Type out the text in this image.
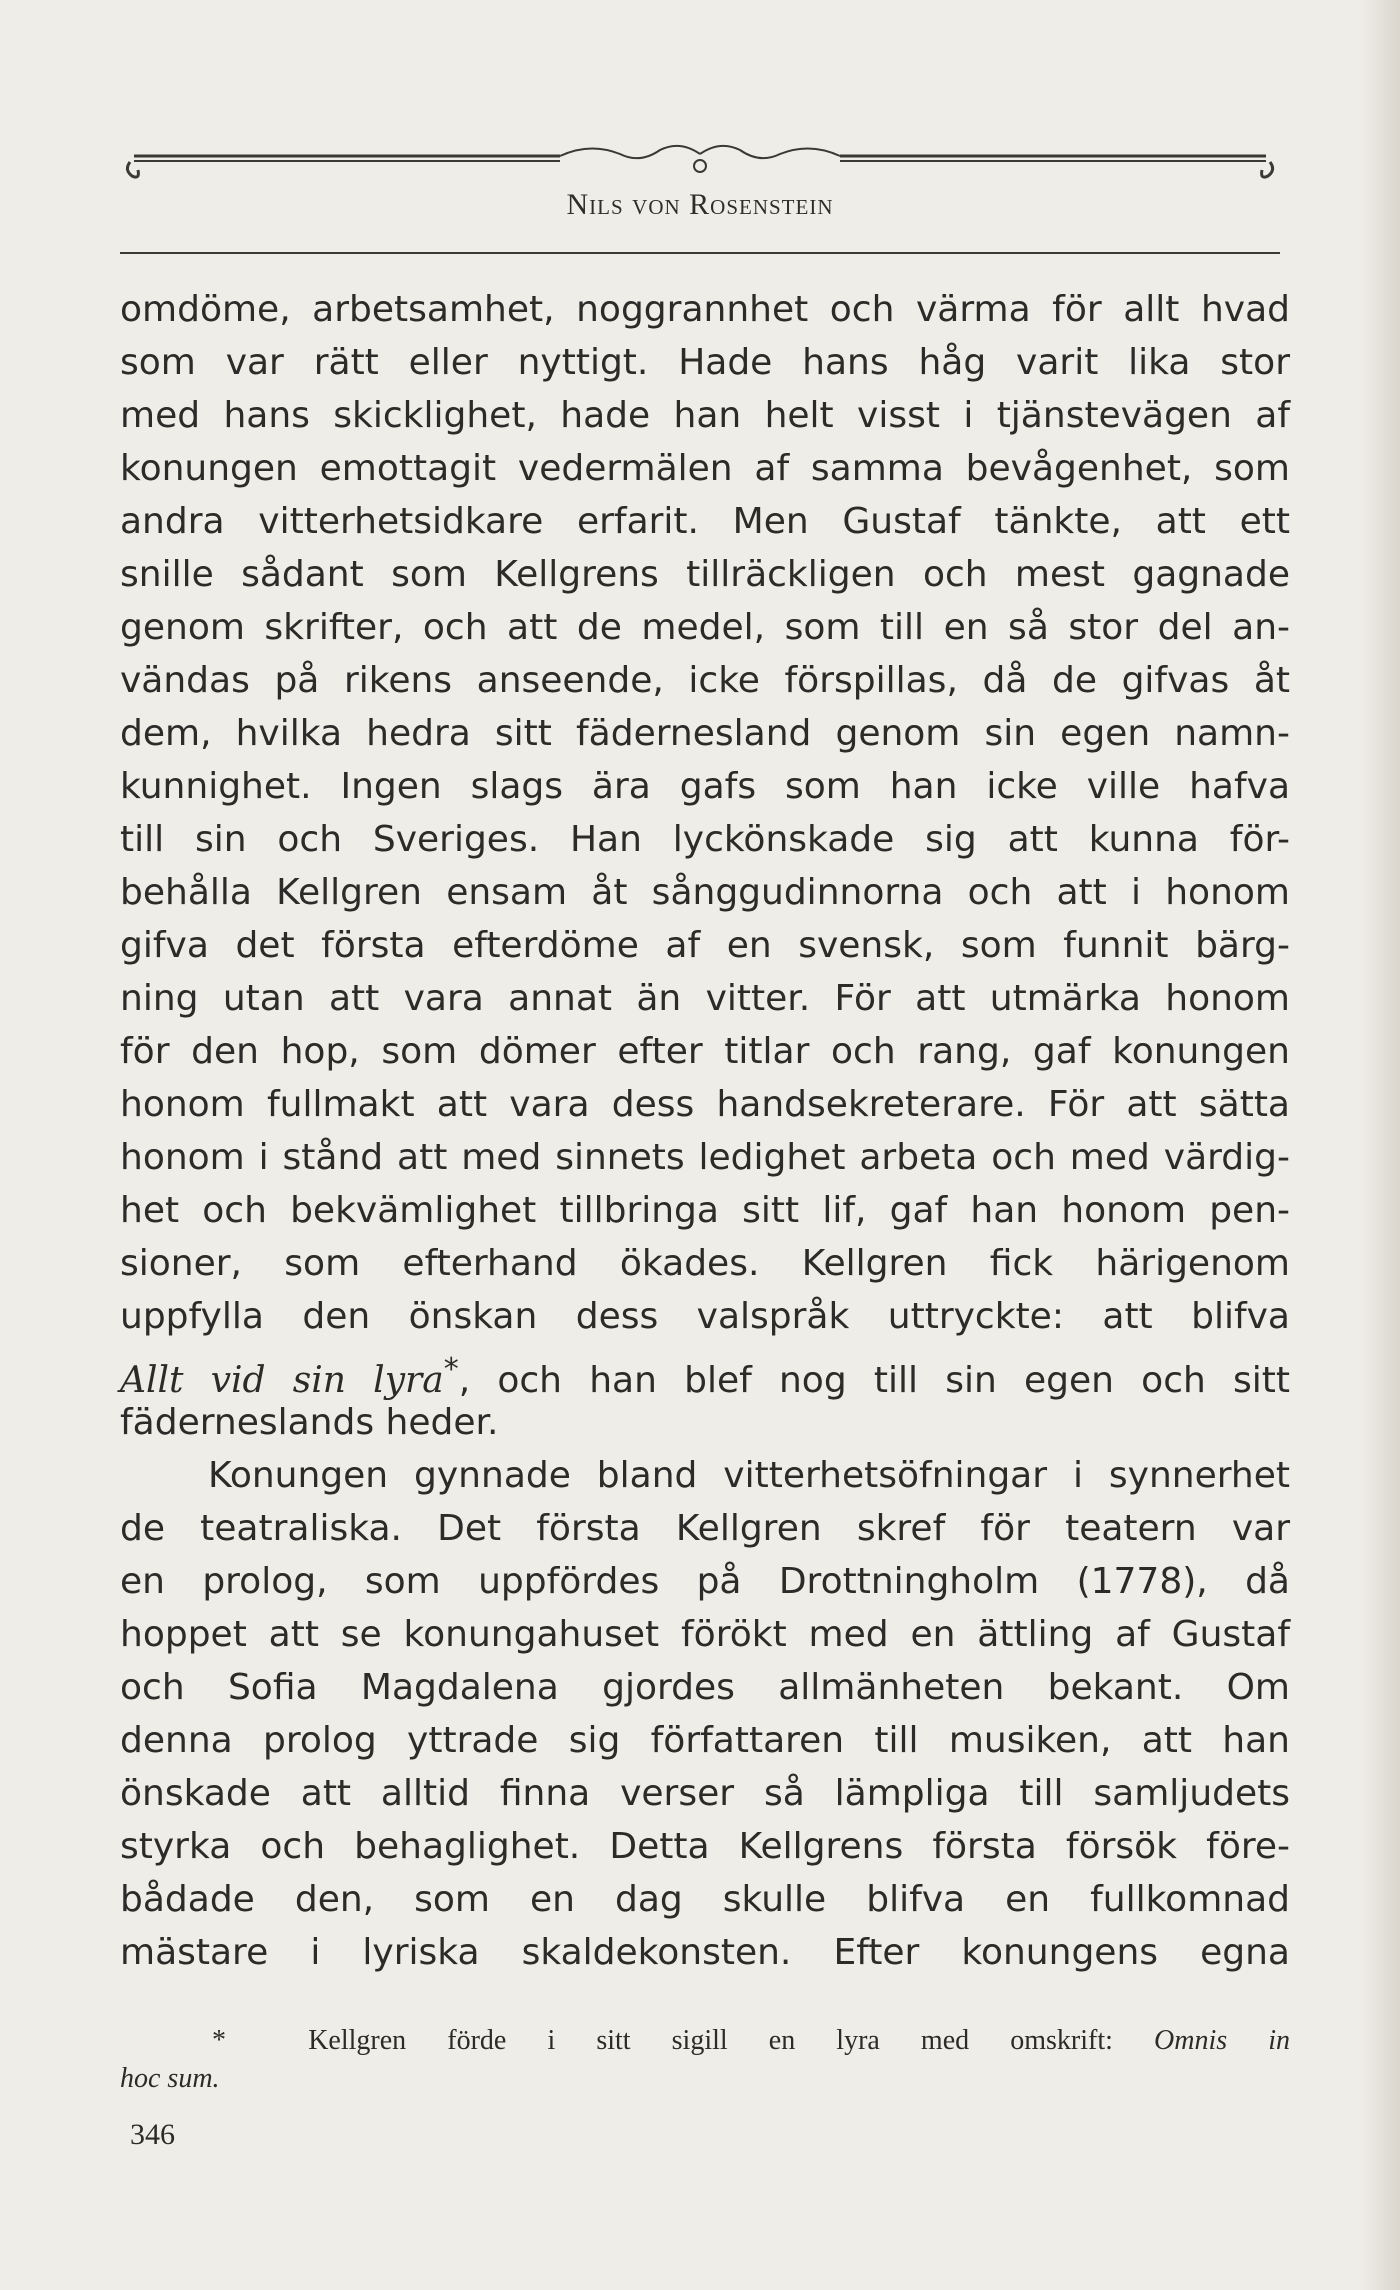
Nils von Rosenstein
omdöme, arbetsamhet, noggrannhet och värma för allt hvad
som var rätt eller nyttigt. Hade hans håg varit lika stor
med hans skicklighet, hade han helt visst i tjänstevägen af
konungen emottagit vedermälen af samma bevågenhet, som
andra vitterhetsidkare erfarit. Men Gustaf tänkte, att ett
snille sådant som Kellgrens tillräckligen och mest gagnade
genom skrifter, och att de medel, som till en så stor del an-
vändas på rikens anseende, icke förspillas, då de gifvas åt
dem, hvilka hedra sitt fädernesland genom sin egen namn-
kunnighet. Ingen slags ära gafs som han icke ville hafva
till sin och Sveriges. Han lyckönskade sig att kunna för-
behålla Kellgren ensam åt sånggudinnorna och att i honom
gifva det första efterdöme af en svensk, som funnit bärg-
ning utan att vara annat än vitter. För att utmärka honom
för den hop, som dömer efter titlar och rang, gaf konungen
honom fullmakt att vara dess handsekreterare. För att sätta
honom i stånd att med sinnets ledighet arbeta och med värdig-
het och bekvämlighet tillbringa sitt lif, gaf han honom pen-
sioner, som efterhand ökades. Kellgren fick härigenom
uppfylla den önskan dess valspråk uttryckte: att blifva
Allt vid sin lyra*, och han blef nog till sin egen och sitt
fäderneslands heder.
Konungen gynnade bland vitterhetsöfningar i synnerhet
de teatraliska. Det första Kellgren skref för teatern var
en prolog, som uppfördes på Drottningholm (1778), då
hoppet att se konungahuset förökt med en ättling af Gustaf
och Sofia Magdalena gjordes allmänheten bekant. Om
denna prolog yttrade sig författaren till musiken, att han
önskade att alltid finna verser så lämpliga till samljudets
styrka och behaglighet. Detta Kellgrens första försök före-
bådade den, som en dag skulle blifva en fullkomnad
mästare i lyriska skaldekonsten. Efter konungens egna
*	Kellgren förde i sitt sigill en lyra med omskrift: Omnis in
hoc sum.
346
